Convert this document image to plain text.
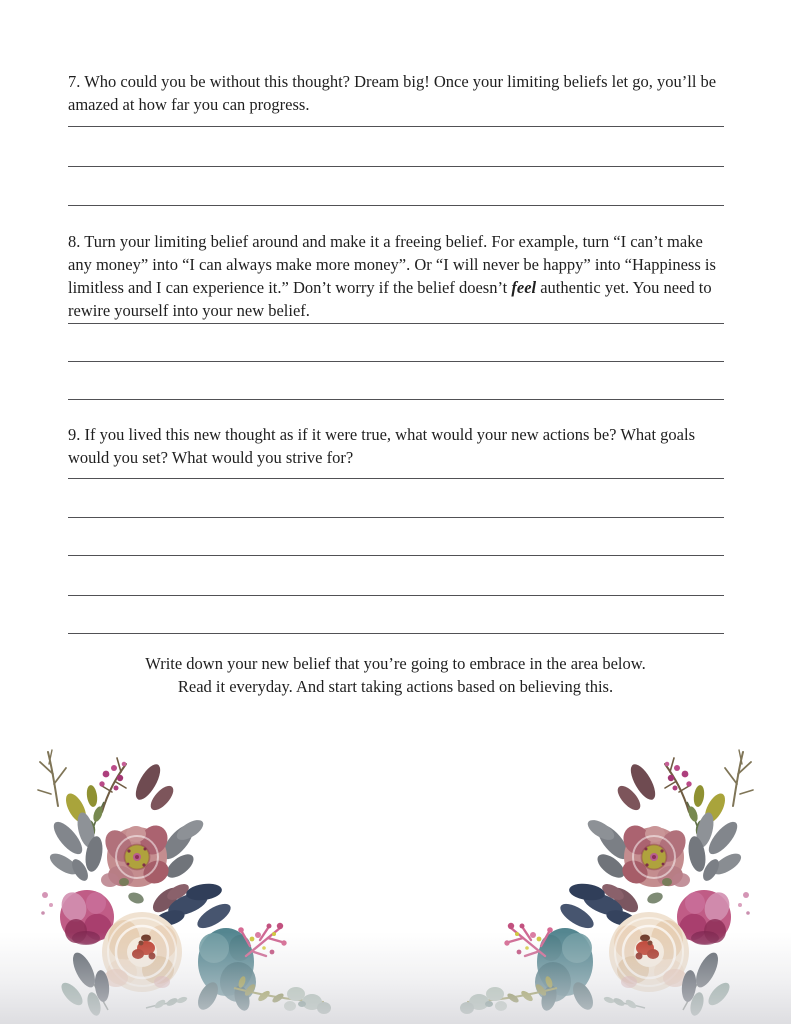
7. Who could you be without this thought? Dream big! Once your limiting beliefs let go, you’ll be amazed at how far you can progress.

8. Turn your limiting belief around and make it a freeing belief. For example, turn “I can’t make any money” into “I can always make more money”. Or “I will never be happy” into “Happiness is limitless and I can experience it.” Don’t worry if the belief doesn’t feel authentic yet. You need to rewire yourself into your new belief.

9. If you lived this new thought as if it were true, what would your new actions be? What goals would you set? What would you strive for?

Write down your new belief that you’re going to embrace in the area below.
Read it everyday. And start taking actions based on believing this.
